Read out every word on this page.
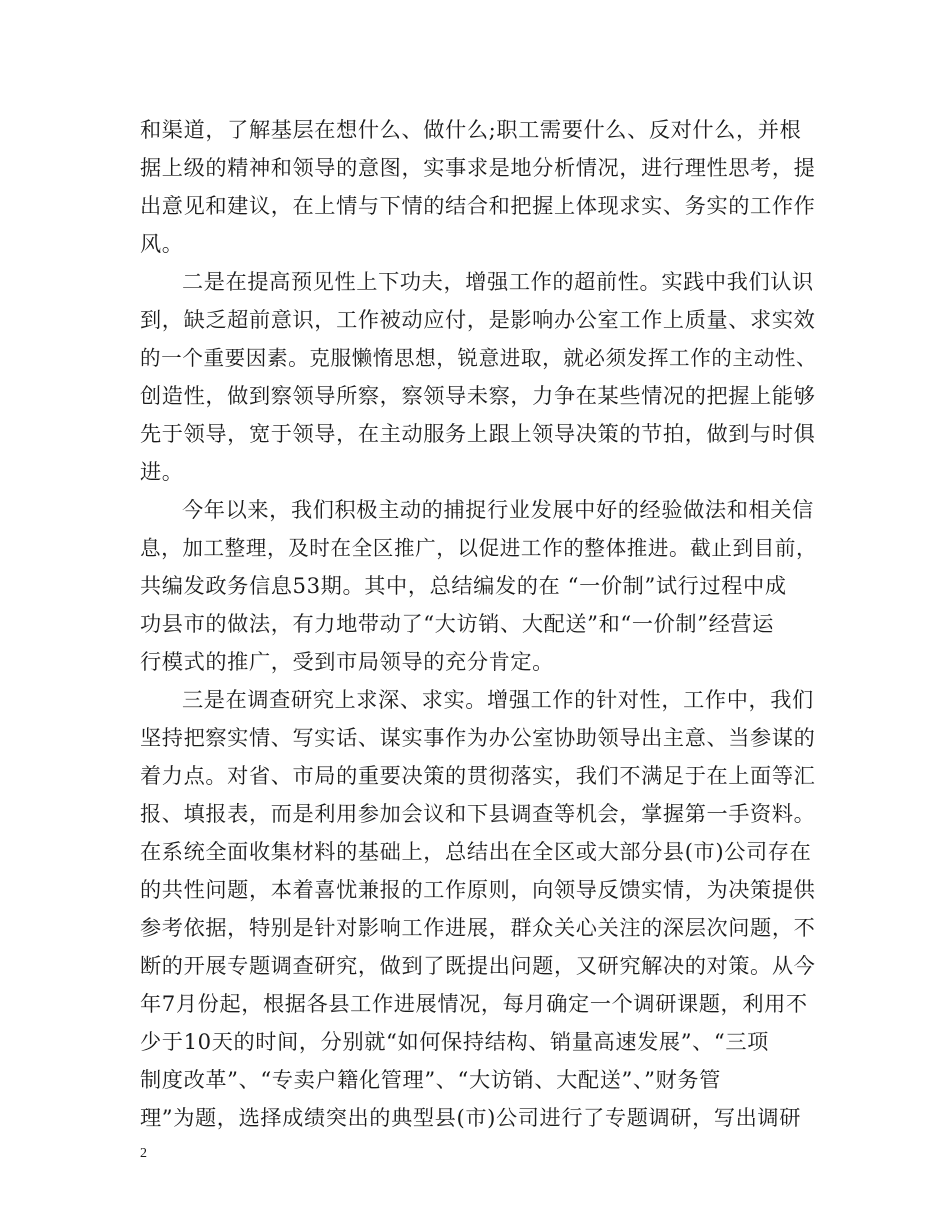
和渠道，了解基层在想什么、做什么;职工需要什么、反对什么，并根
据上级的精神和领导的意图，实事求是地分析情况，进行理性思考，提
出意见和建议，在上情与下情的结合和把握上体现求实、务实的工作作
风。
二是在提高预见性上下功夫，增强工作的超前性。实践中我们认识
到，缺乏超前意识，工作被动应付，是影响办公室工作上质量、求实效
的一个重要因素。克服懒惰思想，锐意进取，就必须发挥工作的主动性、
创造性，做到察领导所察，察领导未察，力争在某些情况的把握上能够
先于领导，宽于领导，在主动服务上跟上领导决策的节拍，做到与时俱
进。
今年以来，我们积极主动的捕捉行业发展中好的经验做法和相关信
息，加工整理，及时在全区推广，以促进工作的整体推进。截止到目前，
共编发政务信息53期。其中，总结编发的在 “一价制”试行过程中成
功县市的做法，有力地带动了“大访销、大配送”和“一价制”经营运
行模式的推广，受到市局领导的充分肯定。
三是在调查研究上求深、求实。增强工作的针对性，工作中，我们
坚持把察实情、写实话、谋实事作为办公室协助领导出主意、当参谋的
着力点。对省、市局的重要决策的贯彻落实，我们不满足于在上面等汇
报、填报表，而是利用参加会议和下县调查等机会，掌握第一手资料。
在系统全面收集材料的基础上，总结出在全区或大部分县(市)公司存在
的共性问题，本着喜忧兼报的工作原则，向领导反馈实情，为决策提供
参考依据，特别是针对影响工作进展，群众关心关注的深层次问题，不
断的开展专题调查研究，做到了既提出问题，又研究解决的对策。从今
年7月份起，根据各县工作进展情况，每月确定一个调研课题，利用不
少于10天的时间，分别就“如何保持结构、销量高速发展”、“三项
制度改革”、“专卖户籍化管理”、“大访销、大配送”、”财务管
理”为题，选择成绩突出的典型县(市)公司进行了专题调研，写出调研
2
